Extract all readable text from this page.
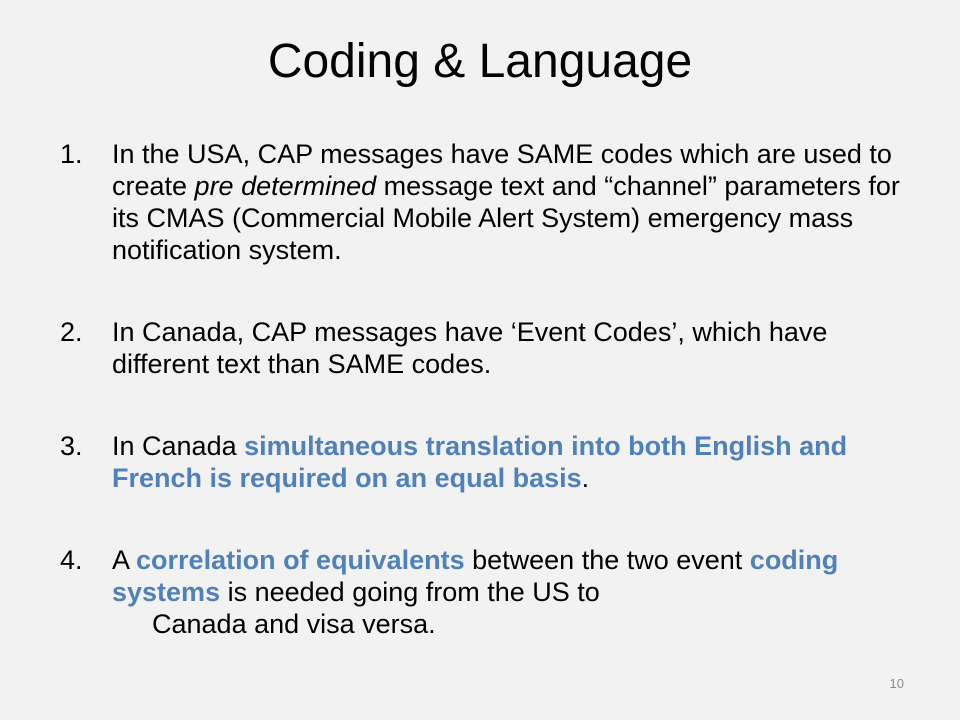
Coding & Language
1. In the USA, CAP messages have SAME codes which are used to create pre determined message text and “channel” parameters for its CMAS (Commercial Mobile Alert System) emergency mass notification system.
2. In Canada, CAP messages have ‘Event Codes’, which have different text than SAME codes.
3. In Canada simultaneous translation into both English and French is required on an equal basis.
4. A correlation of equivalents between the two event coding systems is needed going from the US to
Canada and visa versa.
10
